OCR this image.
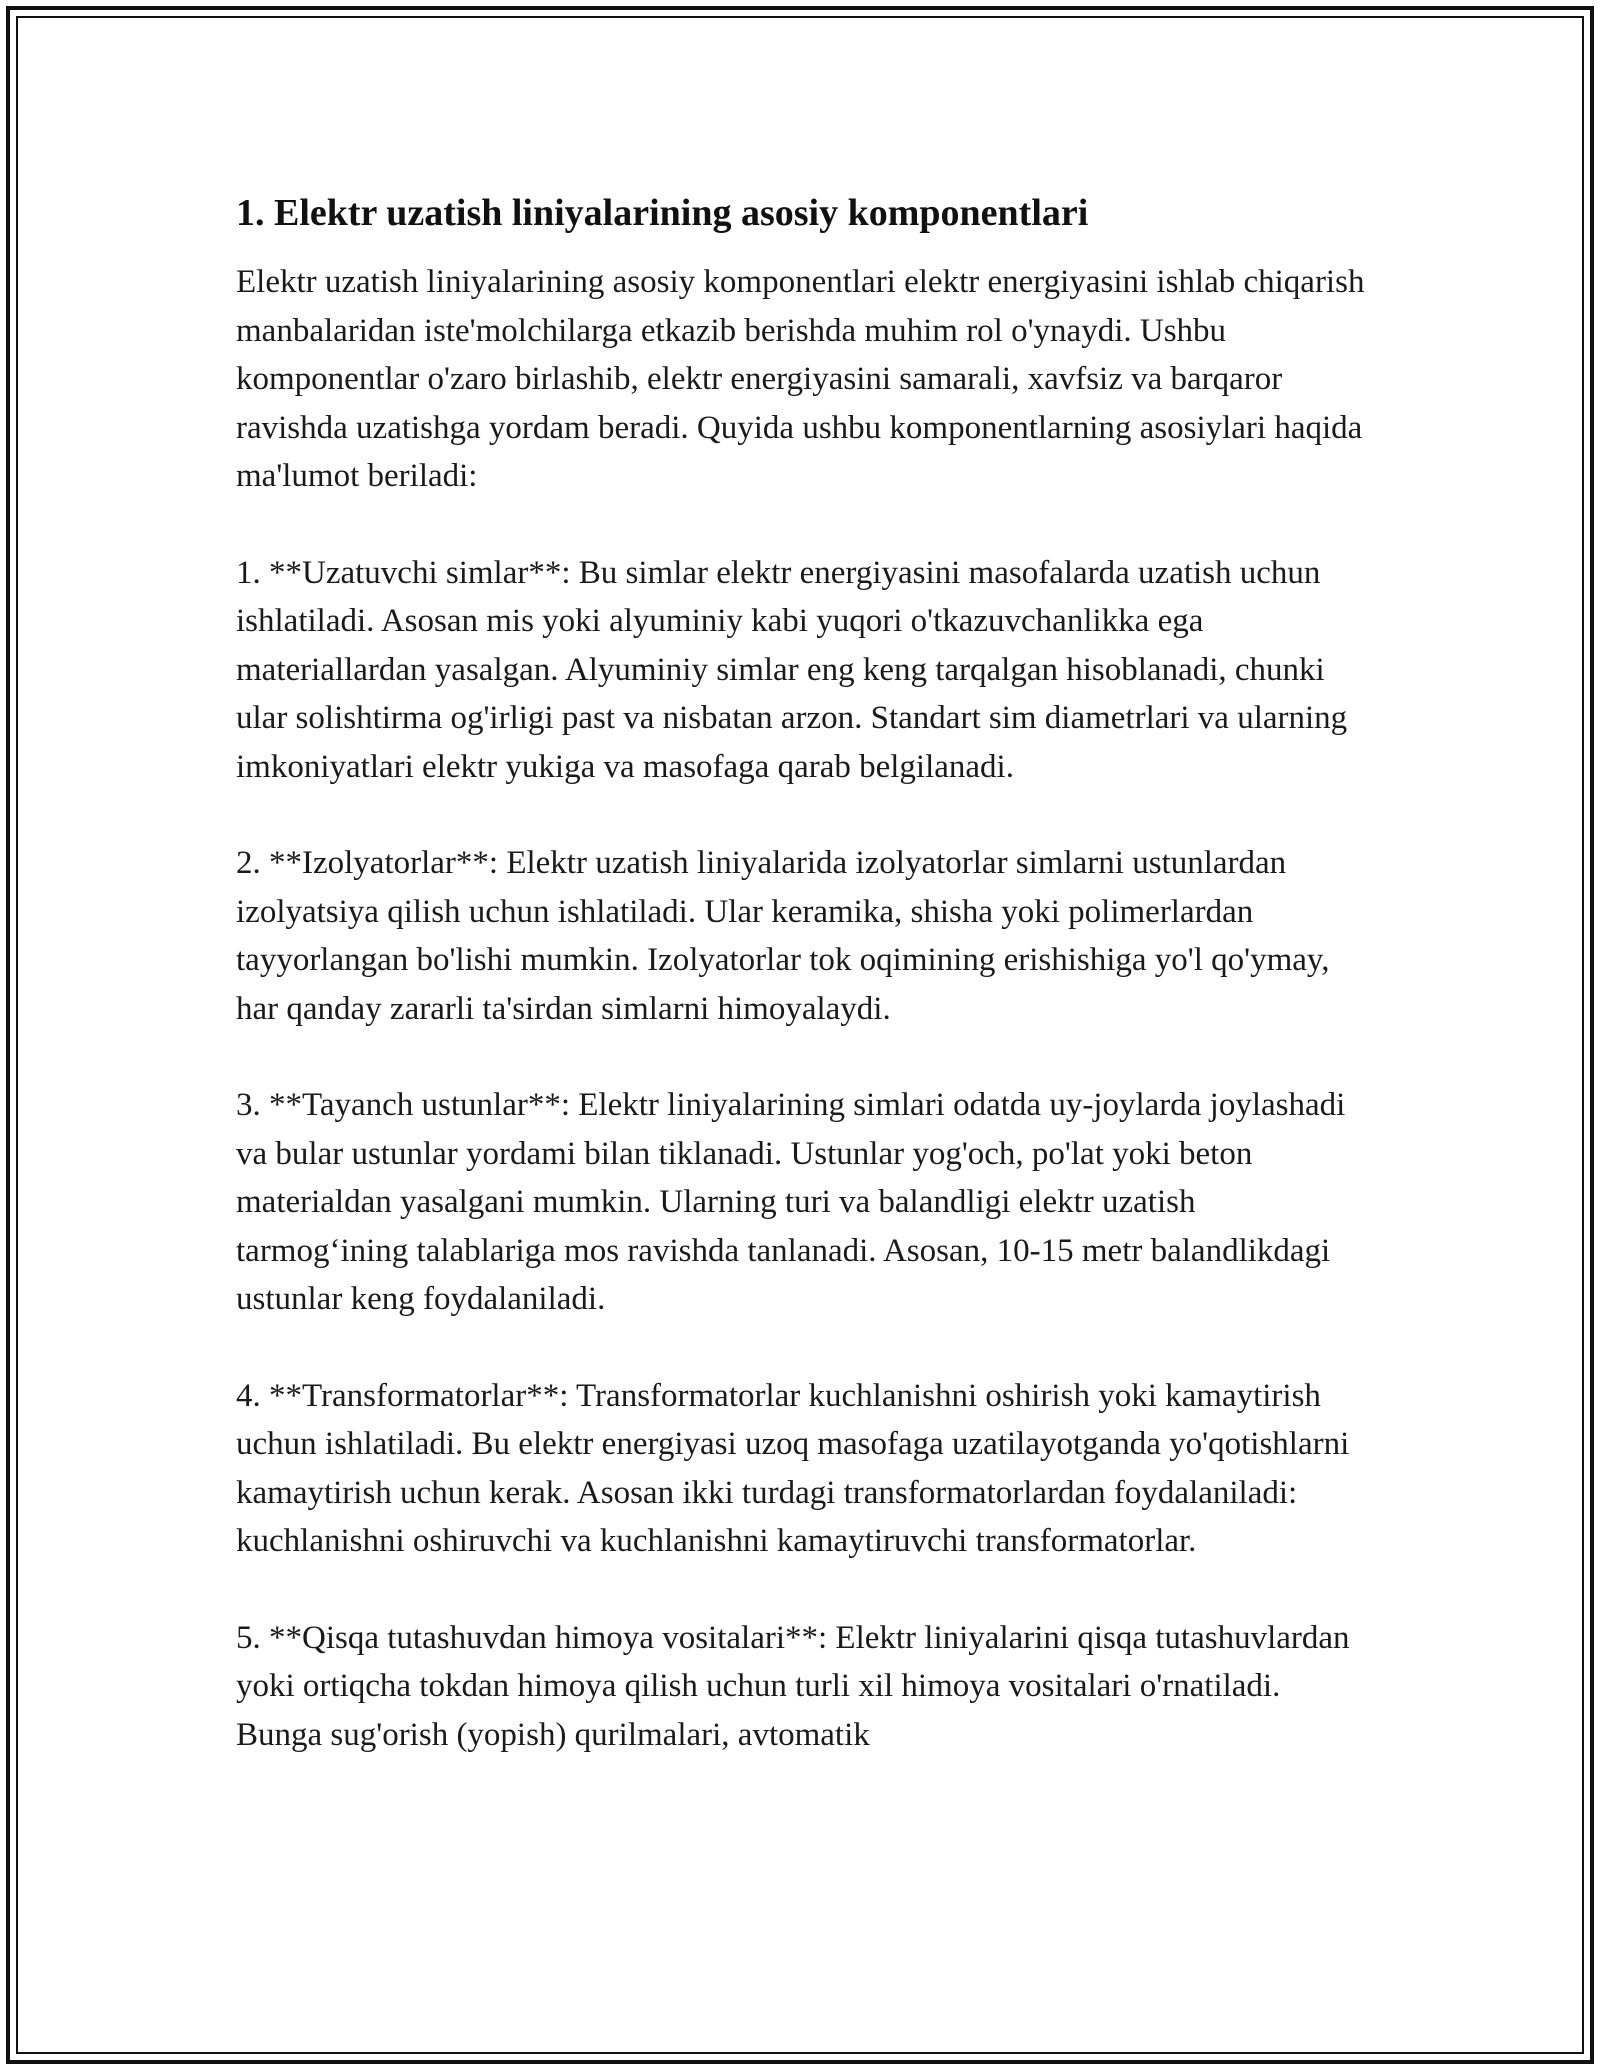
1. Elektr uzatish liniyalarining asosiy komponentlari

Elektr uzatish liniyalarining asosiy komponentlari elektr energiyasini ishlab chiqarish manbalaridan iste'molchilarga etkazib berishda muhim rol o'ynaydi. Ushbu komponentlar o'zaro birlashib, elektr energiyasini samarali, xavfsiz va barqaror ravishda uzatishga yordam beradi. Quyida ushbu komponentlarning asosiylari haqida ma'lumot beriladi:

1. **Uzatuvchi simlar**: Bu simlar elektr energiyasini masofalarda uzatish uchun ishlatiladi. Asosan mis yoki alyuminiy kabi yuqori o'tkazuvchanlikka ega materiallardan yasalgan. Alyuminiy simlar eng keng tarqalgan hisoblanadi, chunki ular solishtirma og'irligi past va nisbatan arzon. Standart sim diametrlari va ularning imkoniyatlari elektr yukiga va masofaga qarab belgilanadi.

2. **Izolyatorlar**: Elektr uzatish liniyalarida izolyatorlar simlarni ustunlardan izolyatsiya qilish uchun ishlatiladi. Ular keramika, shisha yoki polimerlardan tayyorlangan bo'lishi mumkin. Izolyatorlar tok oqimining erishishiga yo'l qo'ymay, har qanday zararli ta'sirdan simlarni himoyalaydi.

3. **Tayanch ustunlar**: Elektr liniyalarining simlari odatda uy-joylarda joylashadi va bular ustunlar yordami bilan tiklanadi. Ustunlar yog'och, po'lat yoki beton materialdan yasalgani mumkin. Ularning turi va balandligi elektr uzatish tarmog‘ining talablariga mos ravishda tanlanadi. Asosan, 10-15 metr balandlikdagi ustunlar keng foydalaniladi.

4. **Transformatorlar**: Transformatorlar kuchlanishni oshirish yoki kamaytirish uchun ishlatiladi. Bu elektr energiyasi uzoq masofaga uzatilayotganda yo'qotishlarni kamaytirish uchun kerak. Asosan ikki turdagi transformatorlardan foydalaniladi: kuchlanishni oshiruvchi va kuchlanishni kamaytiruvchi transformatorlar.

5. **Qisqa tutashuvdan himoya vositalari**: Elektr liniyalarini qisqa tutashuvlardan yoki ortiqcha tokdan himoya qilish uchun turli xil himoya vositalari o'rnatiladi. Bunga sug'orish (yopish) qurilmalari, avtomatik
